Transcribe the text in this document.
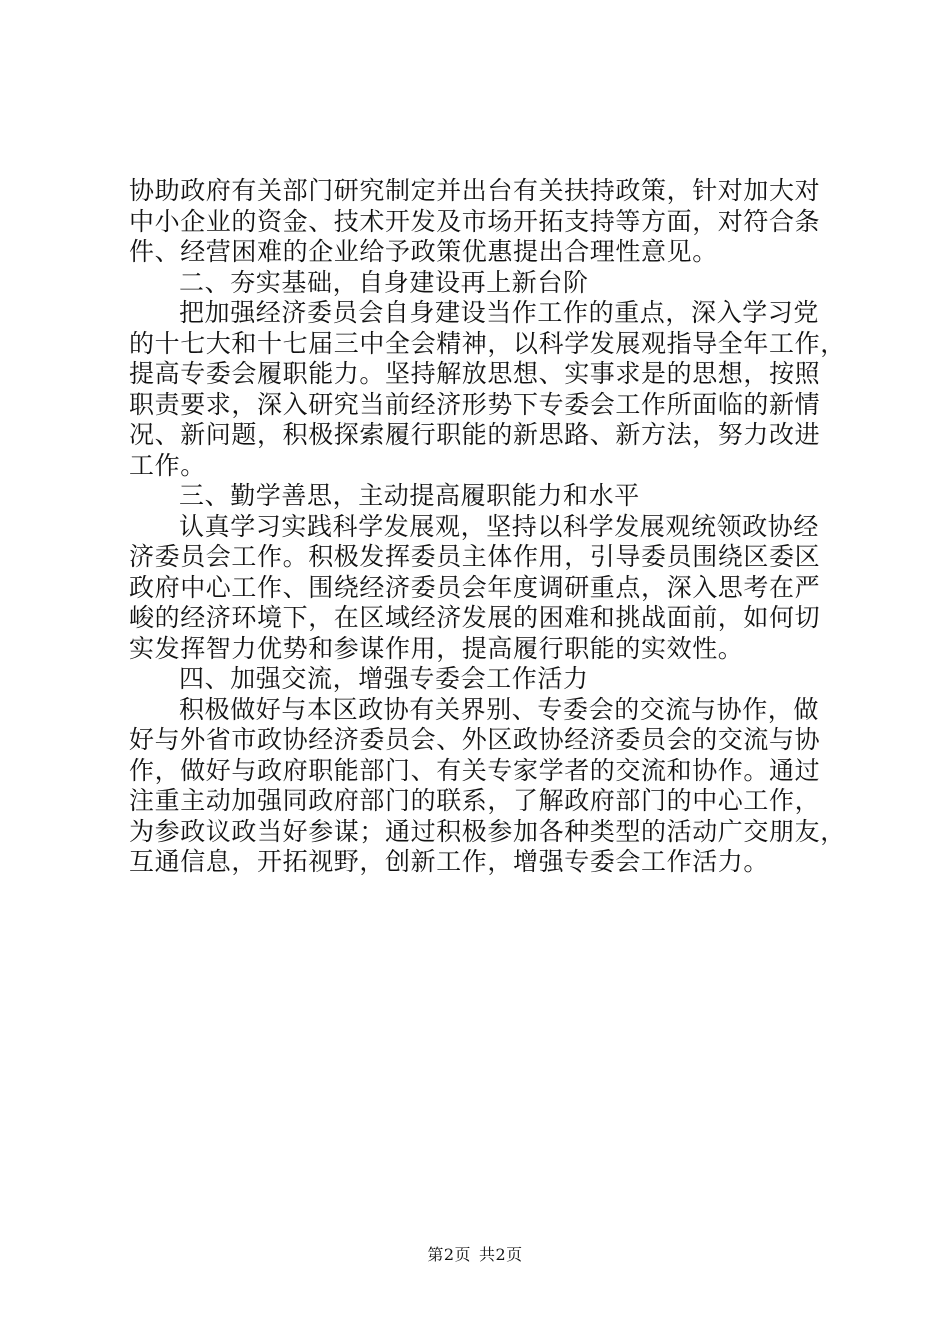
协助政府有关部门研究制定并出台有关扶持政策，针对加大对
中小企业的资金、技术开发及市场开拓支持等方面，对符合条
件、经营困难的企业给予政策优惠提出合理性意见。
二、夯实基础，自身建设再上新台阶
把加强经济委员会自身建设当作工作的重点，深入学习党
的十七大和十七届三中全会精神，以科学发展观指导全年工作，
提高专委会履职能力。坚持解放思想、实事求是的思想，按照
职责要求，深入研究当前经济形势下专委会工作所面临的新情
况、新问题，积极探索履行职能的新思路、新方法，努力改进
工作。
三、勤学善思，主动提高履职能力和水平
认真学习实践科学发展观，坚持以科学发展观统领政协经
济委员会工作。积极发挥委员主体作用，引导委员围绕区委区
政府中心工作、围绕经济委员会年度调研重点，深入思考在严
峻的经济环境下，在区域经济发展的困难和挑战面前，如何切
实发挥智力优势和参谋作用，提高履行职能的实效性。
四、加强交流，增强专委会工作活力
积极做好与本区政协有关界别、专委会的交流与协作，做
好与外省市政协经济委员会、外区政协经济委员会的交流与协
作，做好与政府职能部门、有关专家学者的交流和协作。通过
注重主动加强同政府部门的联系，了解政府部门的中心工作，
为参政议政当好参谋；通过积极参加各种类型的活动广交朋友，
互通信息，开拓视野，创新工作，增强专委会工作活力。
第2页 共2页
